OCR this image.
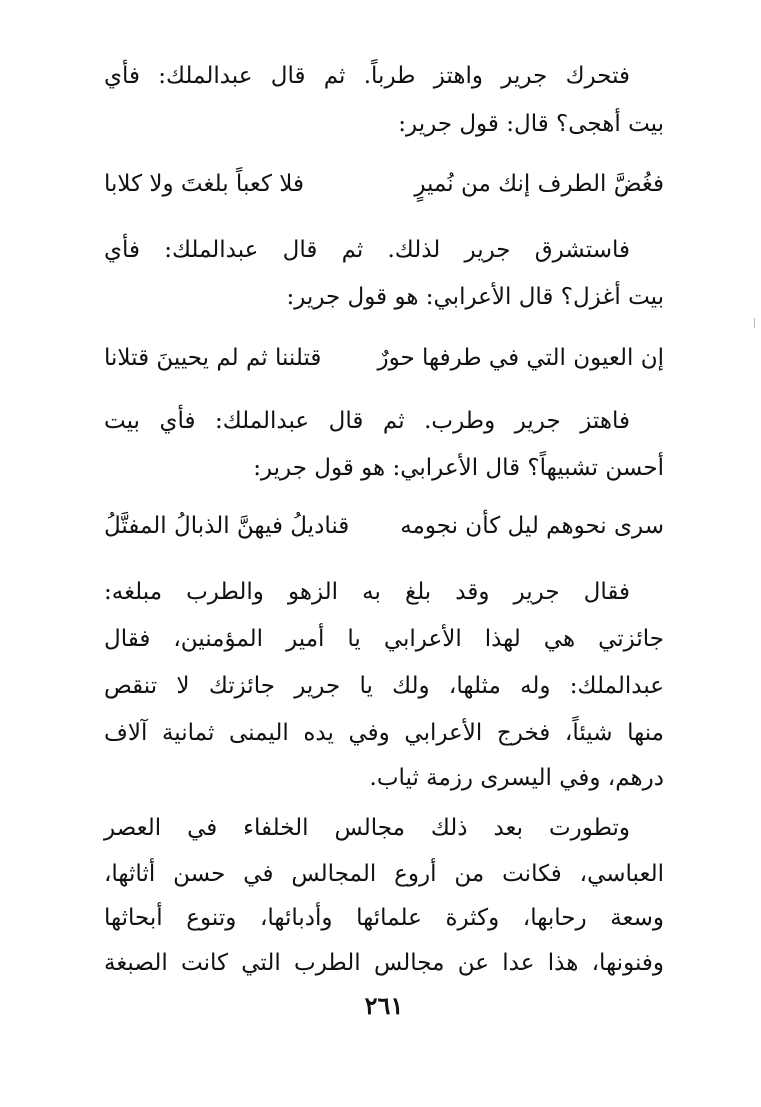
فتحرك جرير واهتز طرباً. ثم قال عبدالملك: فأي
بيت أهجى؟ قال: قول جرير:
فغُضَّ الطرف إنك من نُميرٍ
فلا كعباً بلغتَ ولا كلابا
فاستشرق جرير لذلك. ثم قال عبدالملك: فأي
بيت أغزل؟ قال الأعرابي: هو قول جرير:
إن العيون التي في طرفها حورٌ
قتلننا ثم لم يحيينَ قتلانا
فاهتز جرير وطرب. ثم قال عبدالملك: فأي بيت
أحسن تشبيهاً؟ قال الأعرابي: هو قول جرير:
سرى نحوهم ليل كأن نجومه
قناديلُ فيهنَّ الذبالُ المفتَّلُ
فقال جرير وقد بلغ به الزهو والطرب مبلغه:
جائزتي هي لهذا الأعرابي يا أمير المؤمنين، فقال
عبدالملك: وله مثلها، ولك يا جرير جائزتك لا تنقص
منها شيئاً، فخرج الأعرابي وفي يده اليمنى ثمانية آلاف
درهم، وفي اليسرى رزمة ثياب.
وتطورت بعد ذلك مجالس الخلفاء في العصر
العباسي، فكانت من أروع المجالس في حسن أثاثها،
وسعة رحابها، وكثرة علمائها وأدبائها، وتنوع أبحاثها
وفنونها، هذا عدا عن مجالس الطرب التي كانت الصبغة
٢٦١
